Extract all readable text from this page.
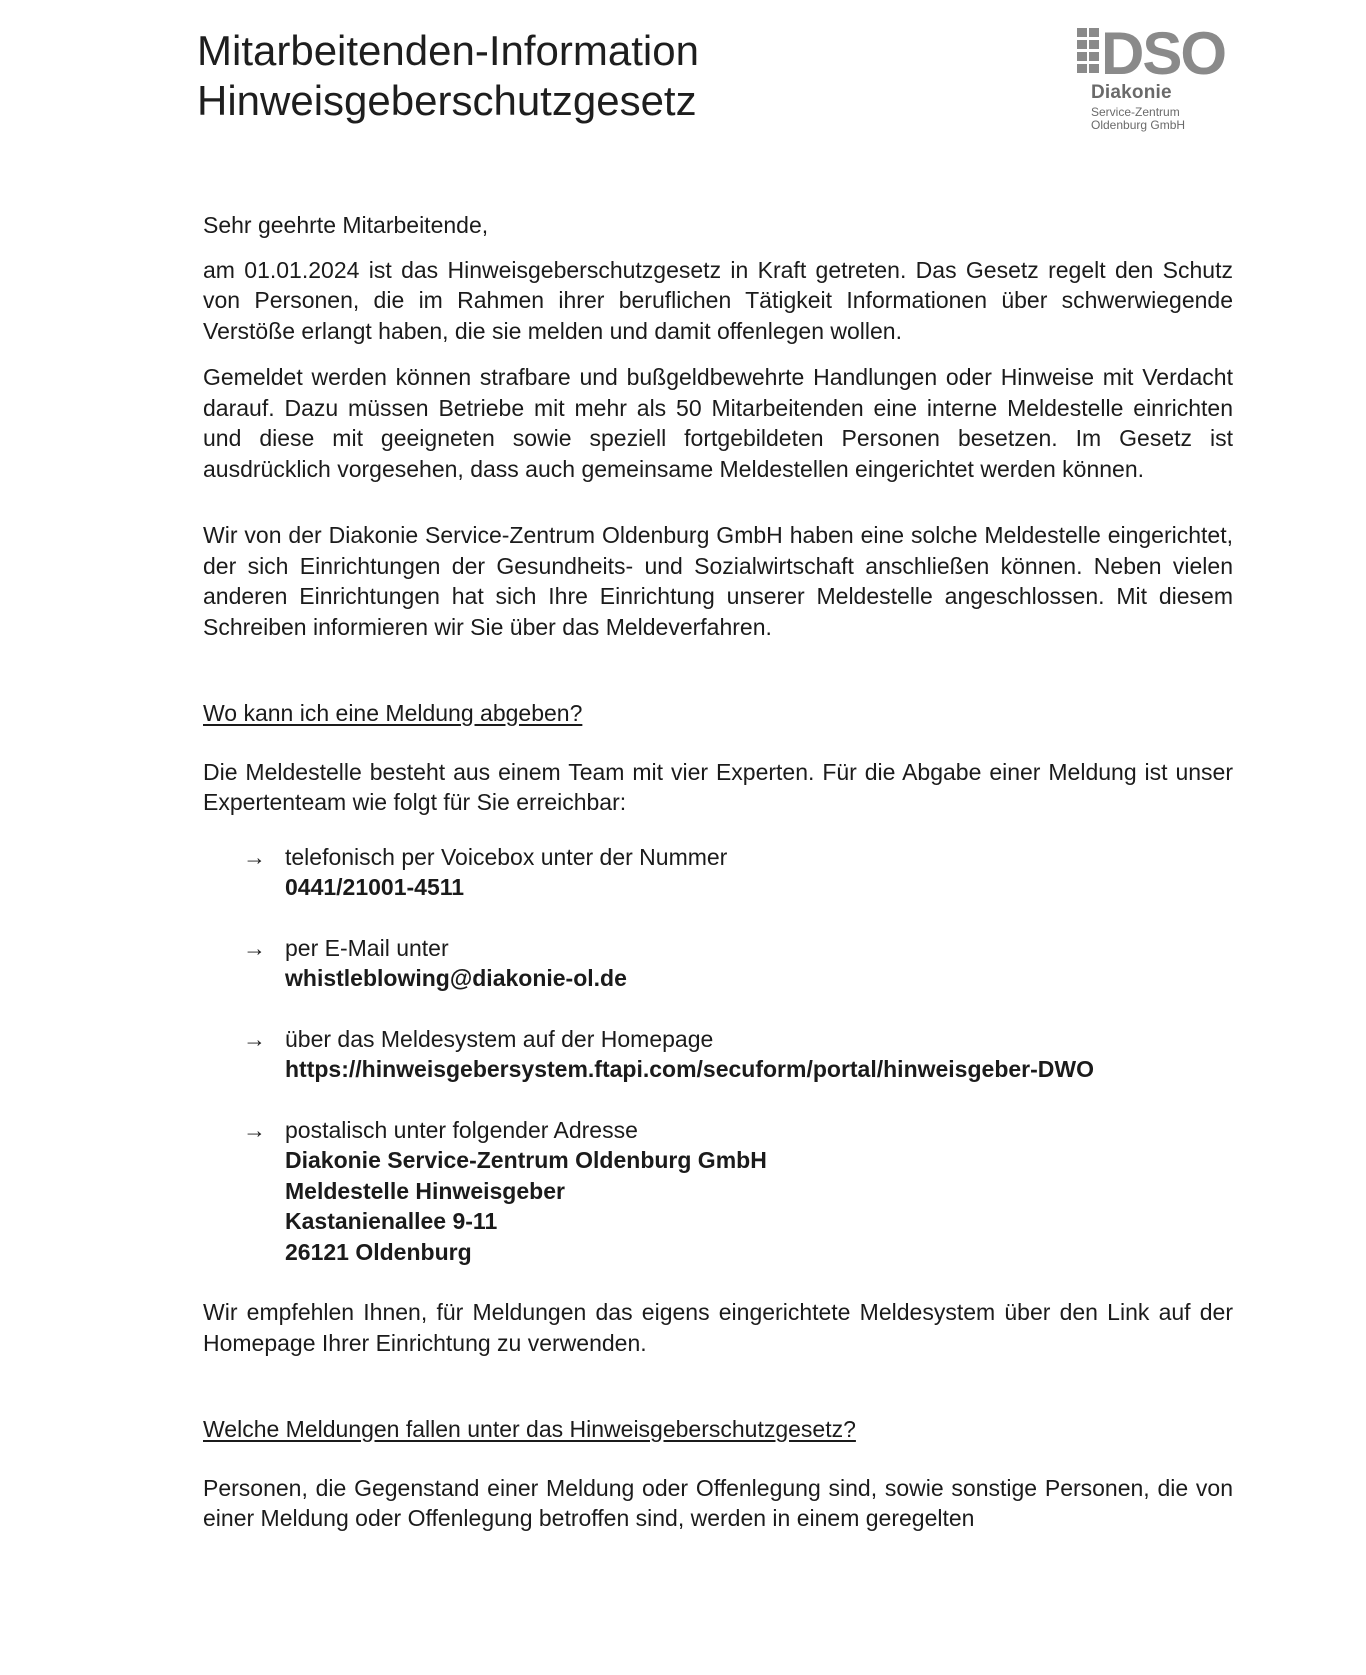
Mitarbeitenden-Information
Hinweisgeberschutzgesetz
DSO
Diakonie
Service-Zentrum
Oldenburg GmbH

Sehr geehrte Mitarbeitende,

am 01.01.2024 ist das Hinweisgeberschutzgesetz in Kraft getreten. Das Gesetz regelt den Schutz von Personen, die im Rahmen ihrer beruflichen Tätigkeit Informationen über schwerwiegende Verstöße erlangt haben, die sie melden und damit offenlegen wollen.

Gemeldet werden können strafbare und bußgeldbewehrte Handlungen oder Hinweise mit Verdacht darauf. Dazu müssen Betriebe mit mehr als 50 Mitarbeitenden eine interne Meldestelle einrichten und diese mit geeigneten sowie speziell fortgebildeten Personen besetzen. Im Gesetz ist ausdrücklich vorgesehen, dass auch gemeinsame Meldestellen eingerichtet werden können.

Wir von der Diakonie Service-Zentrum Oldenburg GmbH haben eine solche Meldestelle eingerichtet, der sich Einrichtungen der Gesundheits- und Sozialwirtschaft anschließen können. Neben vielen anderen Einrichtungen hat sich Ihre Einrichtung unserer Meldestelle angeschlossen. Mit diesem Schreiben informieren wir Sie über das Meldeverfahren.

Wo kann ich eine Meldung abgeben?

Die Meldestelle besteht aus einem Team mit vier Experten. Für die Abgabe einer Meldung ist unser Expertenteam wie folgt für Sie erreichbar:

→ telefonisch per Voicebox unter der Nummer
0441/21001-4511
→ per E-Mail unter
whistleblowing@diakonie-ol.de
→ über das Meldesystem auf der Homepage
https://hinweisgebersystem.ftapi.com/secuform/portal/hinweisgeber-DWO
→ postalisch unter folgender Adresse
Diakonie Service-Zentrum Oldenburg GmbH
Meldestelle Hinweisgeber
Kastanienallee 9-11
26121 Oldenburg

Wir empfehlen Ihnen, für Meldungen das eigens eingerichtete Meldesystem über den Link auf der Homepage Ihrer Einrichtung zu verwenden.

Welche Meldungen fallen unter das Hinweisgeberschutzgesetz?

Personen, die Gegenstand einer Meldung oder Offenlegung sind, sowie sonstige Personen, die von einer Meldung oder Offenlegung betroffen sind, werden in einem geregelten
